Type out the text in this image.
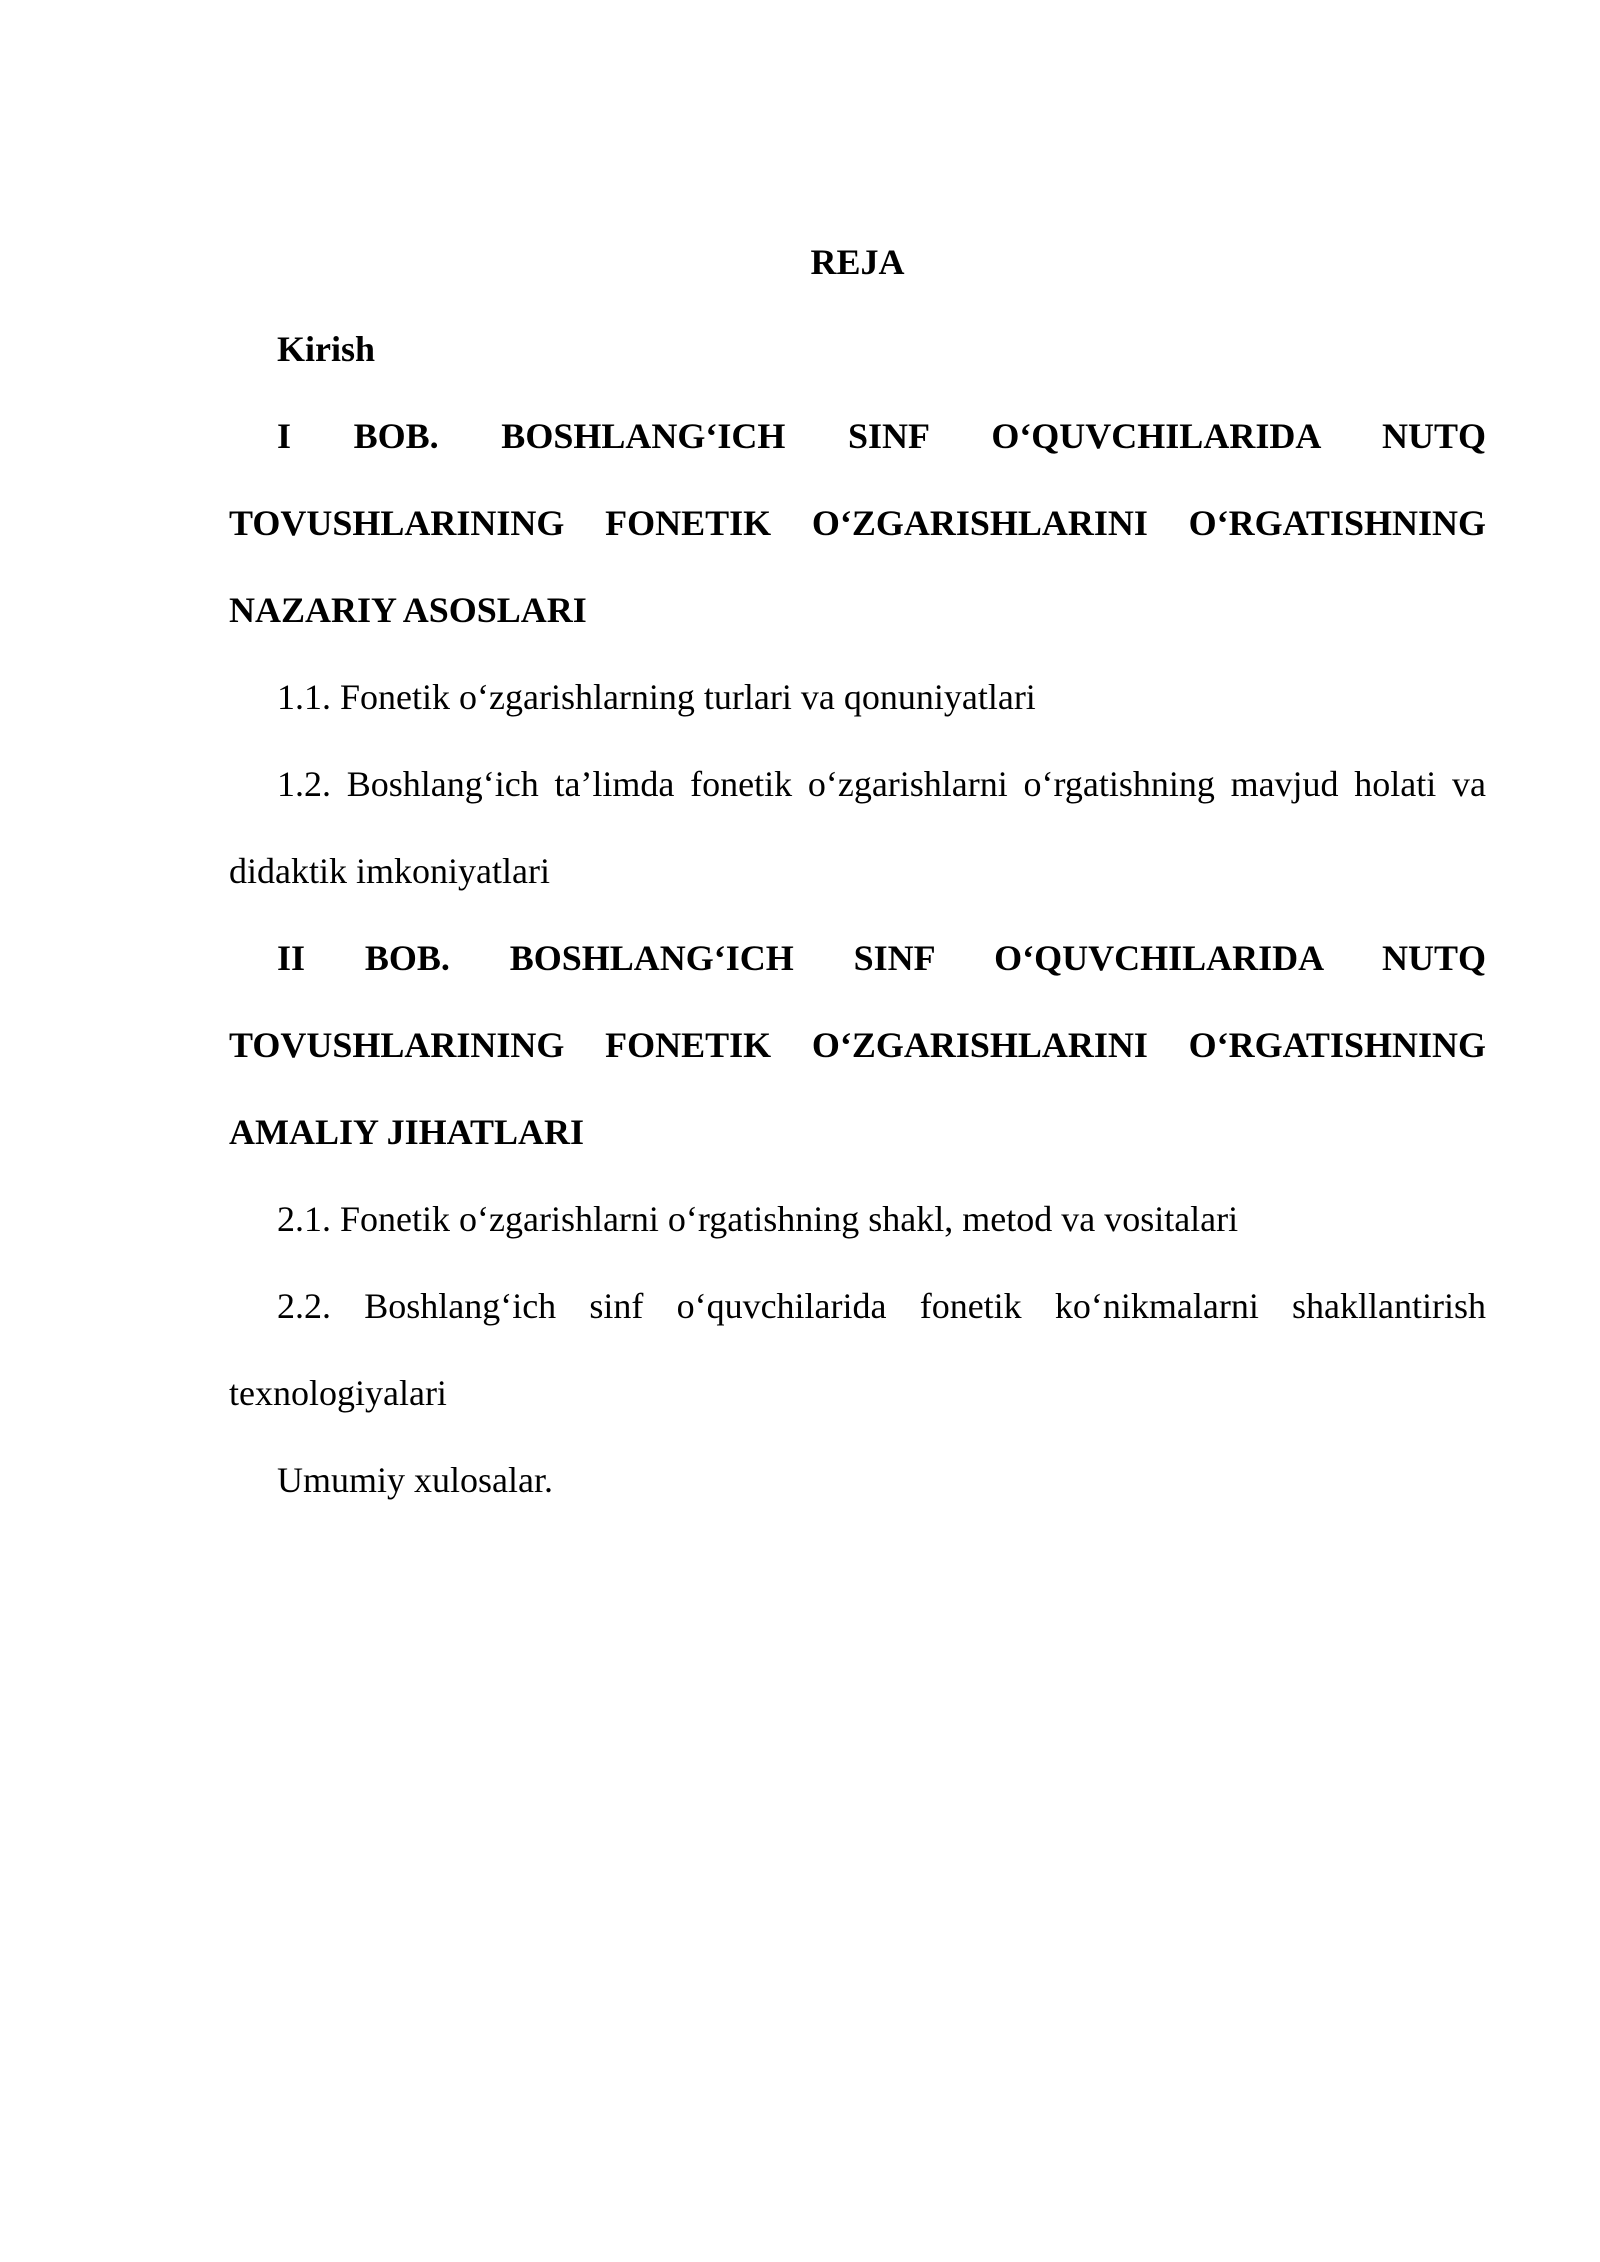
REJA
Kirish
I BOB. BOSHLANG‘ICH SINF O‘QUVCHILARIDA NUTQ
TOVUSHLARINING FONETIK O‘ZGARISHLARINI O‘RGATISHNING
NAZARIY ASOSLARI
1.1. Fonetik o‘zgarishlarning turlari va qonuniyatlari
1.2. Boshlang‘ich ta’limda fonetik o‘zgarishlarni o‘rgatishning mavjud holati va
didaktik imkoniyatlari
II BOB. BOSHLANG‘ICH SINF O‘QUVCHILARIDA NUTQ
TOVUSHLARINING FONETIK O‘ZGARISHLARINI O‘RGATISHNING
AMALIY JIHATLARI
2.1. Fonetik o‘zgarishlarni o‘rgatishning shakl, metod va vositalari
2.2. Boshlang‘ich sinf o‘quvchilarida fonetik ko‘nikmalarni shakllantirish
texnologiyalari
Umumiy xulosalar.
